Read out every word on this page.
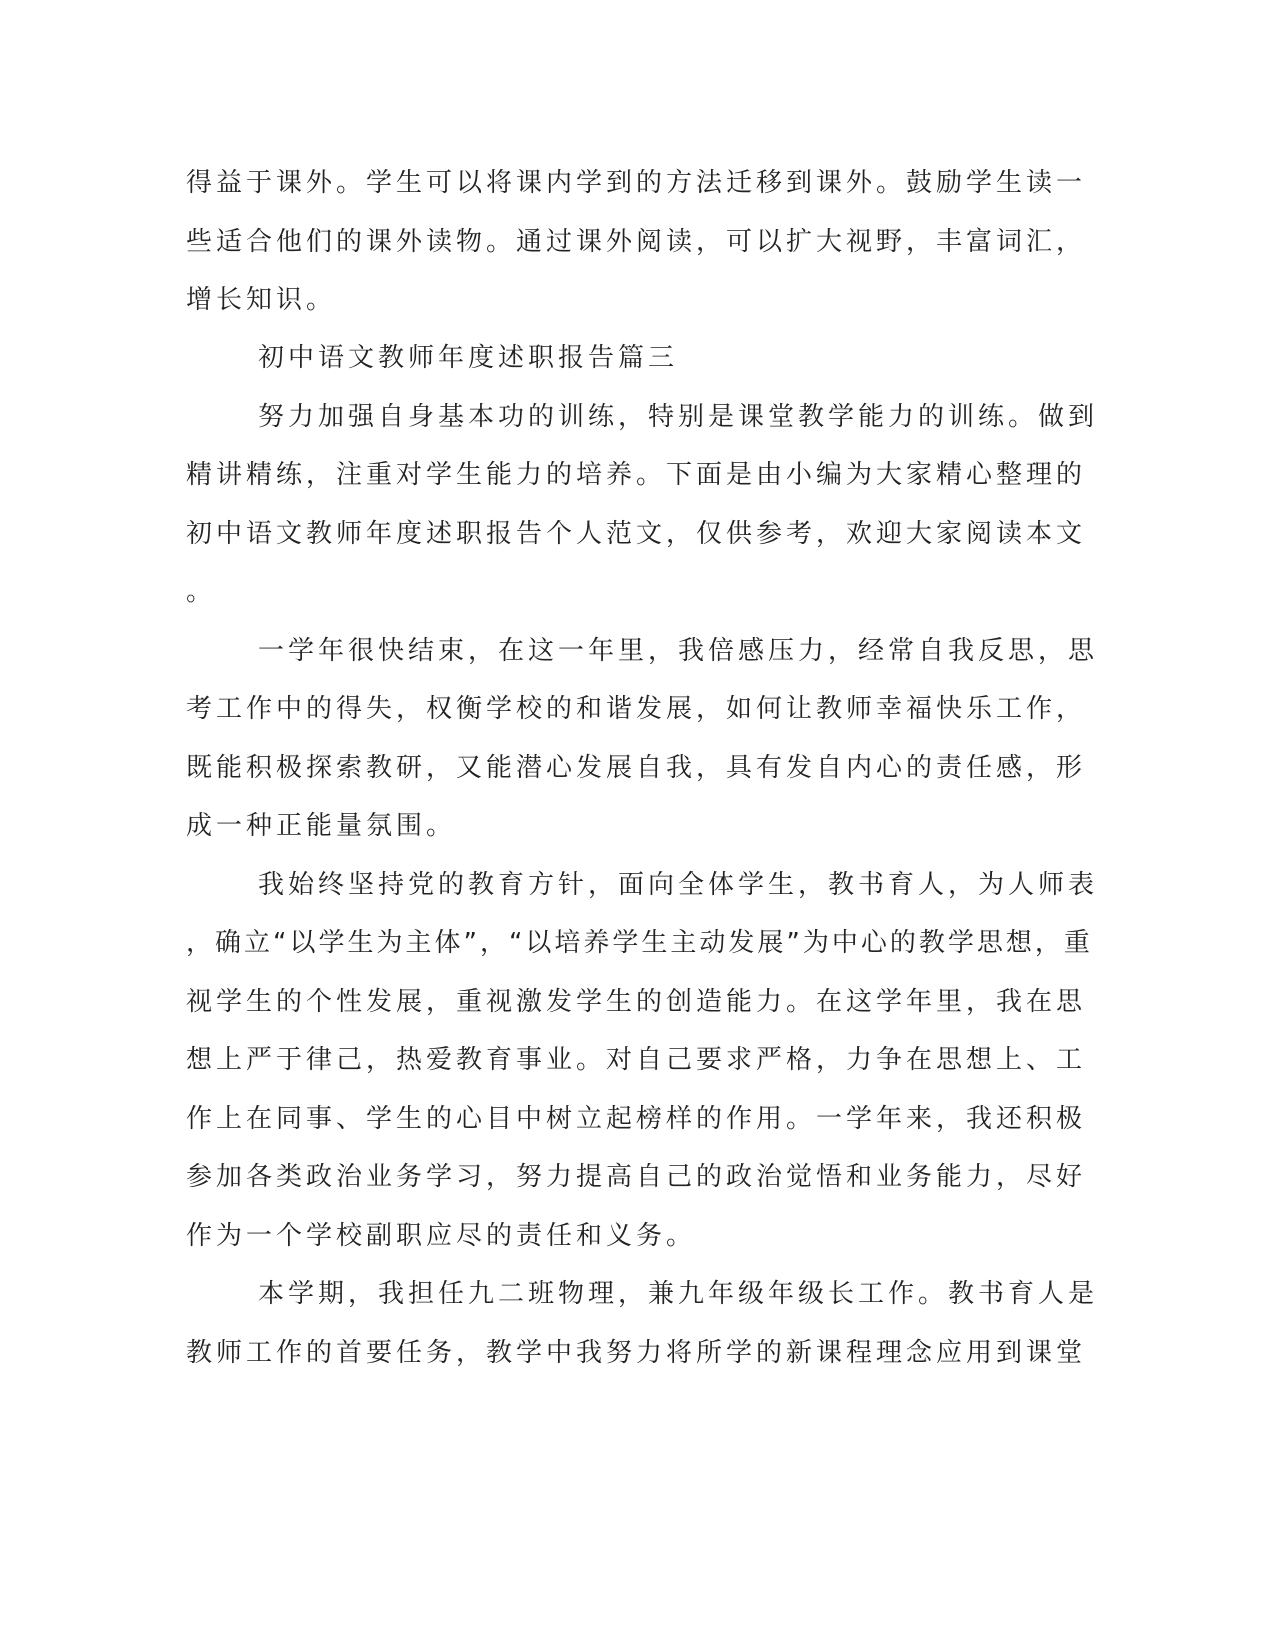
得益于课外。学生可以将课内学到的方法迁移到课外。鼓励学生读一
些适合他们的课外读物。通过课外阅读，可以扩大视野，丰富词汇，
增长知识。
初中语文教师年度述职报告篇三
努力加强自身基本功的训练，特别是课堂教学能力的训练。做到
精讲精练，注重对学生能力的培养。下面是由小编为大家精心整理的
初中语文教师年度述职报告个人范文，仅供参考，欢迎大家阅读本文
。
一学年很快结束，在这一年里，我倍感压力，经常自我反思，思
考工作中的得失，权衡学校的和谐发展，如何让教师幸福快乐工作，
既能积极探索教研，又能潜心发展自我，具有发自内心的责任感，形
成一种正能量氛围。
我始终坚持党的教育方针，面向全体学生，教书育人，为人师表
，确立“以学生为主体”，“以培养学生主动发展”为中心的教学思想，重
视学生的个性发展，重视激发学生的创造能力。在这学年里，我在思
想上严于律己，热爱教育事业。对自己要求严格，力争在思想上、工
作上在同事、学生的心目中树立起榜样的作用。一学年来，我还积极
参加各类政治业务学习，努力提高自己的政治觉悟和业务能力，尽好
作为一个学校副职应尽的责任和义务。
本学期，我担任九二班物理，兼九年级年级长工作。教书育人是
教师工作的首要任务，教学中我努力将所学的新课程理念应用到课堂
